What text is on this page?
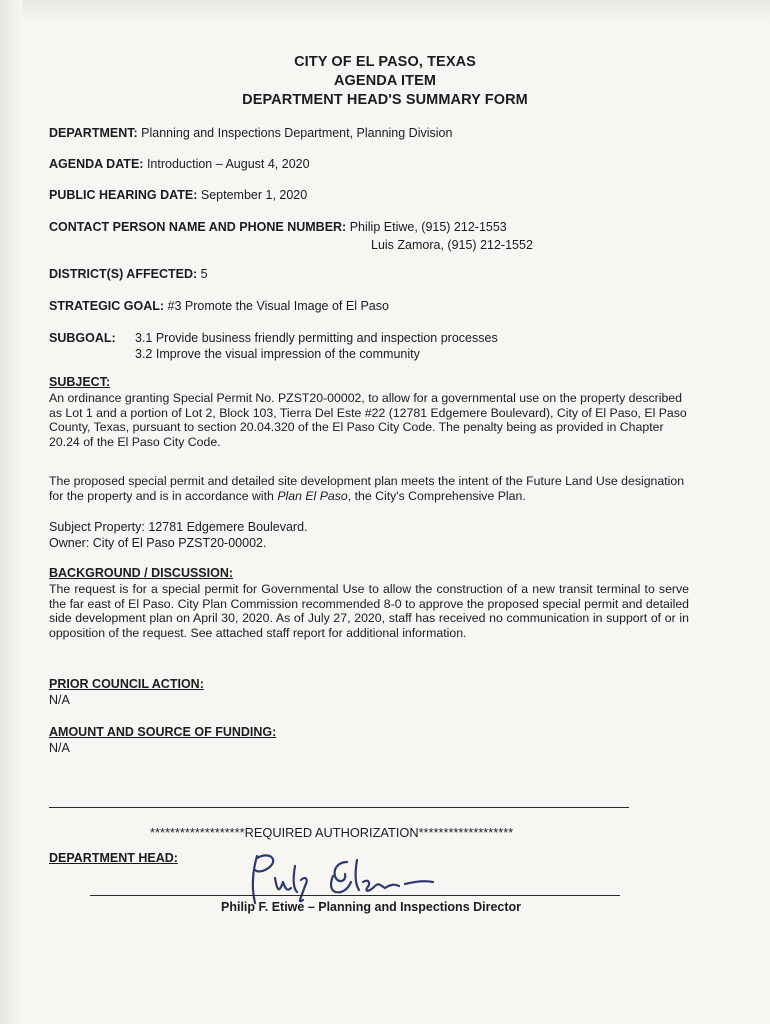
CITY OF EL PASO, TEXAS
AGENDA ITEM
DEPARTMENT HEAD'S SUMMARY FORM
DEPARTMENT: Planning and Inspections Department, Planning Division
AGENDA DATE: Introduction – August 4, 2020
PUBLIC HEARING DATE: September 1, 2020
CONTACT PERSON NAME AND PHONE NUMBER: Philip Etiwe, (915) 212-1553
Luis Zamora, (915) 212-1552
DISTRICT(S) AFFECTED: 5
STRATEGIC GOAL: #3 Promote the Visual Image of El Paso
SUBGOAL: 3.1 Provide business friendly permitting and inspection processes
3.2 Improve the visual impression of the community
SUBJECT:
An ordinance granting Special Permit No. PZST20-00002, to allow for a governmental use on the property described as Lot 1 and a portion of Lot 2, Block 103, Tierra Del Este #22 (12781 Edgemere Boulevard), City of El Paso, El Paso County, Texas, pursuant to section 20.04.320 of the El Paso City Code. The penalty being as provided in Chapter 20.24 of the El Paso City Code.
The proposed special permit and detailed site development plan meets the intent of the Future Land Use designation for the property and is in accordance with Plan El Paso, the City's Comprehensive Plan.
Subject Property: 12781 Edgemere Boulevard.
Owner: City of El Paso PZST20-00002.
BACKGROUND / DISCUSSION:
The request is for a special permit for Governmental Use to allow the construction of a new transit terminal to serve the far east of El Paso. City Plan Commission recommended 8-0 to approve the proposed special permit and detailed side development plan on April 30, 2020. As of July 27, 2020, staff has received no communication in support of or in opposition of the request. See attached staff report for additional information.
PRIOR COUNCIL ACTION:
N/A
AMOUNT AND SOURCE OF FUNDING:
N/A
*******************REQUIRED AUTHORIZATION*******************
DEPARTMENT HEAD:
Philip F. Etiwe – Planning and Inspections Director
